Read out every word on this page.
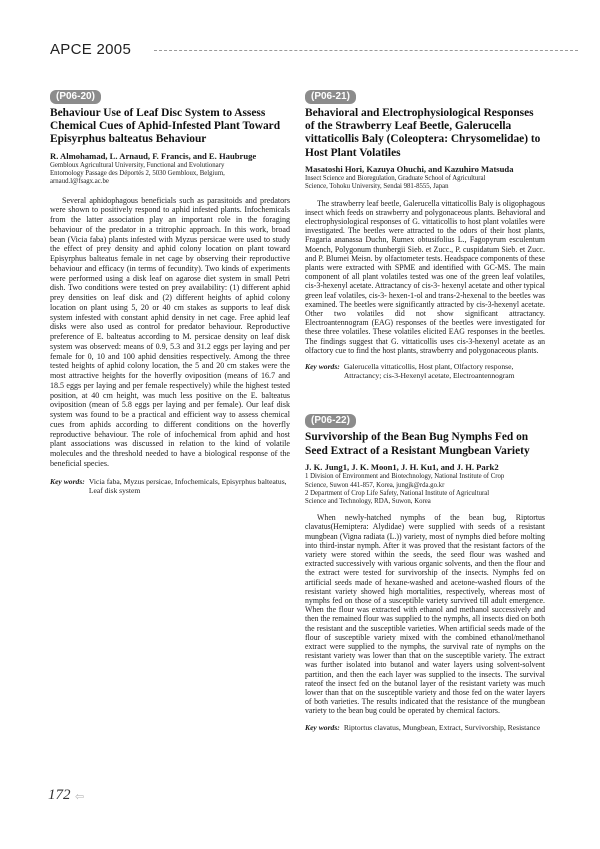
APCE 2005
(P06-20)
Behaviour Use of Leaf Disc System to Assess Chemical Cues of Aphid-Infested Plant Toward Episyrphus balteatus Behaviour
R. Almohamad, L. Arnaud, F. Francis, and E. Haubruge
Gembloux Agricultural University, Functional and Evolutionary
Entomology Passage des Déportés 2, 5030 Gembloux, Belgium,
arnaud.l@fsagx.ac.be
Several aphidophagous beneficials such as parasitoids and predators were shown to positively respond to aphid infested plants. Infochemicals from the latter association play an important role in the foraging behaviour of the predator in a tritrophic approach. In this work, broad bean (Vicia faba) plants infested with Myzus persicae were used to study the effect of prey density and aphid colony location on plant toward Episyrphus balteatus female in net cage by observing their reproductive behaviour and efficacy (in terms of fecundity). Two kinds of experiments were performed using a disk leaf on agarose diet system in small Petri dish. Two conditions were tested on prey availability: (1) different aphid prey densities on leaf disk and (2) different heights of aphid colony location on plant using 5, 20 or 40 cm stakes as supports to leaf disk system infested with constant aphid density in net cage. Free aphid leaf disks were also used as control for predator behaviour. Reproductive preference of E. balteatus according to M. persicae density on leaf disk system was observed: means of 0.9, 5.3 and 31.2 eggs per laying and per female for 0, 10 and 100 aphid densities respectively. Among the three tested heights of aphid colony location, the 5 and 20 cm stakes were the most attractive heights for the hoverfly oviposition (means of 16.7 and 18.5 eggs per laying and per female respectively) while the highest tested position, at 40 cm height, was much less positive on the E. balteatus oviposition (mean of 5.8 eggs per laying and per female). Our leaf disk system was found to be a practical and efficient way to assess chemical cues from aphids according to different conditions on the hoverfly reproductive behaviour. The role of infochemical from aphid and host plant associations was discussed in relation to the kind of volatile molecules and the threshold needed to have a biological response of the beneficial species.
Key words: Vicia faba, Myzus persicae, Infochemicals, Episyrphus balteatus, Leaf disk system
(P06-21)
Behavioral and Electrophysiological Responses of the Strawberry Leaf Beetle, Galerucella vittaticollis Baly (Coleoptera: Chrysomelidae) to Host Plant Volatiles
Masatoshi Hori, Kazuya Ohuchi, and Kazuhiro Matsuda
Insect Science and Bioregulation, Graduate School of Agricultural
Science, Tohoku University, Sendai 981-8555, Japan
The strawberry leaf beetle, Galerucella vittaticollis Baly is oligophagous insect which feeds on strawberry and polygonaceous plants. Behavioral and electrophysiological responses of G. vittaticollis to host plant volatiles were investigated. The beetles were attracted to the odors of their host plants, Fragaria ananassa Duchn, Rumex obtusifolius L., Fagopyrum esculentum Moench, Polygonum thunbergii Sieb. et Zucc., P. cuspidatum Sieb. et Zucc. and P. Blumei Meisn. by olfactometer tests. Headspace components of these plants were extracted with SPME and identified with GC-MS. The main component of all plant volatiles tested was one of the green leaf volatiles, cis-3-hexenyl acetate. Attractancy of cis-3- hexenyl acetate and other typical green leaf volatiles, cis-3- hexen-1-ol and trans-2-hexenal to the beetles was examined. The beetles were significantly attracted by cis-3-hexenyl acetate. Other two volatiles did not show significant attractancy. Electroantennogram (EAG) responses of the beetles were investigated for these three volatiles. These volatiles elicited EAG responses in the beetles. The findings suggest that G. vittaticollis uses cis-3-hexenyl acetate as an olfactory cue to find the host plants, strawberry and polygonaceous plants.
Key words: Galerucella vittaticollis, Host plant, Olfactory response, Attractancy; cis-3-Hexenyl acetate, Electroantennogram
(P06-22)
Survivorship of the Bean Bug Nymphs Fed on Seed Extract of a Resistant Mungbean Variety
J. K. Jung1, J. K. Moon1, J. H. Ku1, and J. H. Park2
1 Division of Environment and Biotechnology, National Institute of Crop
Science, Suwon 441-857, Korea, jungjk@rda.go.kr
2 Department of Crop Life Safety, National Institute of Agricultural
Science and Technology, RDA, Suwon, Korea
When newly-hatched nymphs of the bean bug, Riptortus clavatus(Hemiptera: Alydidae) were supplied with seeds of a resistant mungbean (Vigna radiata (L.)) variety, most of nymphs died before molting into third-instar nymph. After it was proved that the resistant factors of the variety were stored within the seeds, the seed flour was washed and extracted successively with various organic solvents, and then the flour and the extract were tested for survivorship of the insects. Nymphs fed on artificial seeds made of hexane-washed and acetone-washed flours of the resistant variety showed high mortalities, respectively, whereas most of nymphs fed on those of a susceptible variety survived till adult emergence. When the flour was extracted with ethanol and methanol successively and then the remained flour was supplied to the nymphs, all insects died on both the resistant and the susceptible varieties. When artificial seeds made of the flour of susceptible variety mixed with the combined ethanol/methanol extract were supplied to the nymphs, the survival rate of nymphs on the resistant variety was lower than that on the susceptible variety. The extract was further isolated into butanol and water layers using solvent-solvent partition, and then the each layer was supplied to the insects. The survival rateof the insect fed on the butanol layer of the resistant variety was much lower than that on the susceptible variety and those fed on the water layers of both varieties. The results indicated that the resistance of the mungbean variety to the bean bug could be operated by chemical factors.
Key words: Riptortus clavatus, Mungbean, Extract, Survivorship, Resistance
172 ⇦
